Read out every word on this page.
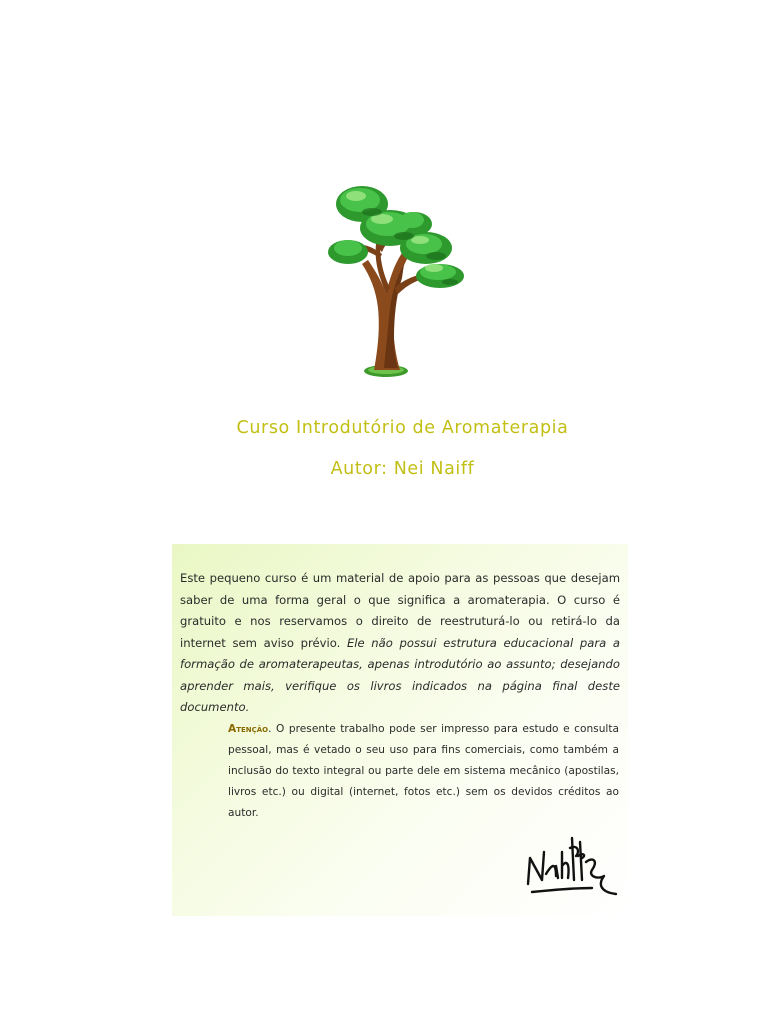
Curso Introdutório de Aromaterapia
Autor: Nei Naiff

Este pequeno curso é um material de apoio para as pessoas que desejam saber de uma forma geral o que significa a aromaterapia. O curso é gratuito e nos reservamos o direito de reestruturá-lo ou retirá-lo da internet sem aviso prévio. Ele não possui estrutura educacional para a formação de aromaterapeutas, apenas introdutório ao assunto; desejando aprender mais, verifique os livros indicados na página final deste documento.

Atenção. O presente trabalho pode ser impresso para estudo e consulta pessoal, mas é vetado o seu uso para fins comerciais, como também a inclusão do texto integral ou parte dele em sistema mecânico (apostilas, livros etc.) ou digital (internet, fotos etc.) sem os devidos créditos ao autor.
